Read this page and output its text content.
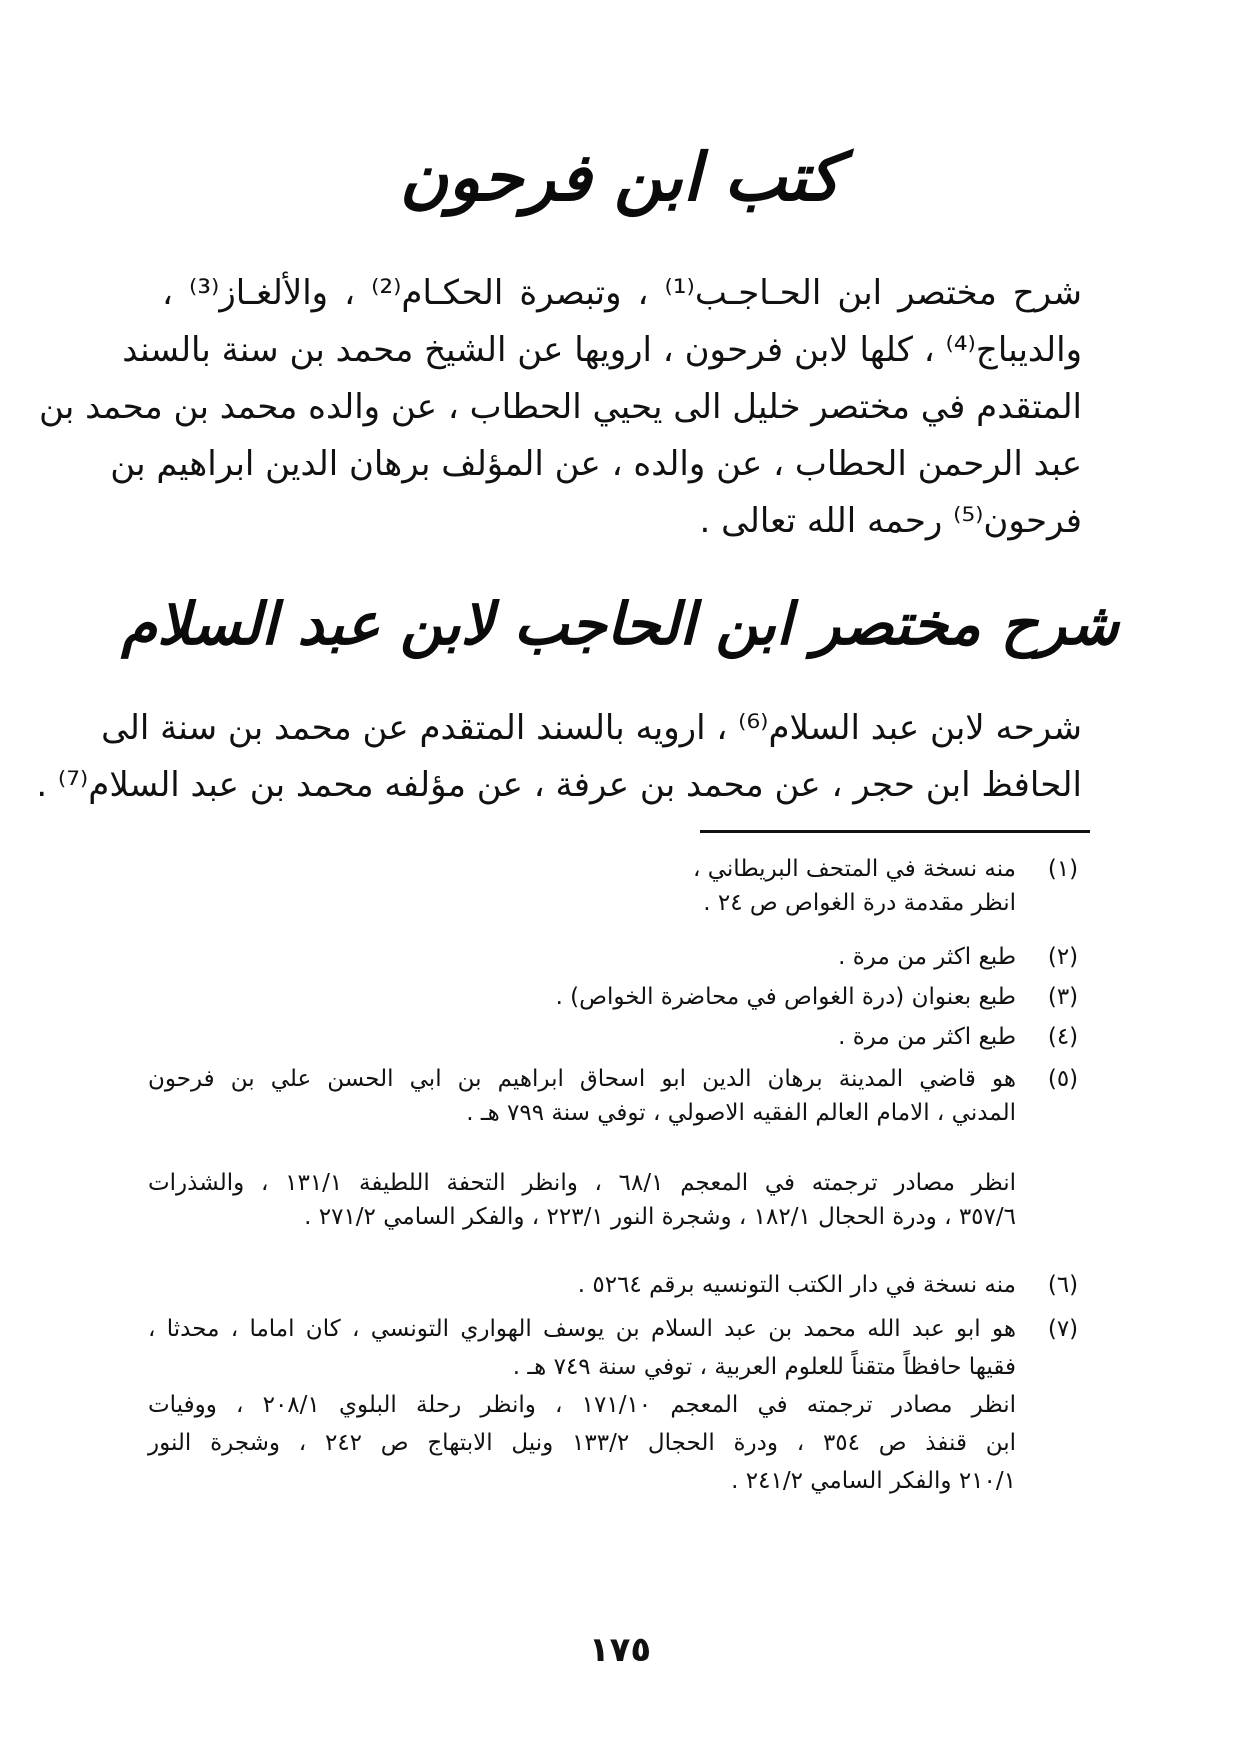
كتب ابن فرحون
شرح مختصر ابن الحـاجـب⁽¹⁾ ، وتبصرة الحكـام⁽²⁾ ، والألغـاز⁽³⁾ ،
والديباج⁽⁴⁾ ، كلها لابن فرحون ، ارويها عن الشيخ محمد بن سنة بالسند
المتقدم في مختصر خليل الى يحيي الحطاب ، عن والده محمد بن محمد بن
عبد الرحمن الحطاب ، عن والده ، عن المؤلف برهان الدين ابراهيم بن
فرحون⁽⁵⁾ رحمه الله تعالى .
شرح مختصر ابن الحاجب لابن عبد السلام
شرحه لابن عبد السلام⁽⁶⁾ ، ارويه بالسند المتقدم عن محمد بن سنة الى
الحافظ ابن حجر ، عن محمد بن عرفة ، عن مؤلفه محمد بن عبد السلام⁽⁷⁾ .
(١)
منه نسخة في المتحف البريطاني ،
انظر مقدمة درة الغواص ص ٢٤ .
(٢)
طبع اكثر من مرة .
(٣)
طبع بعنوان (درة الغواص في محاضرة الخواص) .
(٤)
طبع اكثر من مرة .
(٥)
هو قاضي المدينة برهان الدين ابو اسحاق ابراهيم بن ابي الحسن علي بن فرحون
المدني ، الامام العالم الفقيه الاصولي ، توفي سنة ٧٩٩ هـ .
انظر مصادر ترجمته في المعجم ٦٨/١ ، وانظر التحفة اللطيفة ١٣١/١ ، والشذرات
٣٥٧/٦ ، ودرة الحجال ١٨٢/١ ، وشجرة النور ٢٢٣/١ ، والفكر السامي ٢٧١/٢ .
(٦)
منه نسخة في دار الكتب التونسيه برقم ٥٢٦٤ .
(٧)
هو ابو عبد الله محمد بن عبد السلام بن يوسف الهواري التونسي ، كان اماما ، محدثا ،
فقيها حافظاً متقناً للعلوم العربية ، توفي سنة ٧٤٩ هـ .
انظر مصادر ترجمته في المعجم ١٧١/١٠ ، وانظر رحلة البلوي ٢٠٨/١ ، ووفيات
ابن قنفذ ص ٣٥٤ ، ودرة الحجال ١٣٣/٢ ونيل الابتهاج ص ٢٤٢ ، وشجرة النور
٢١٠/١ والفكر السامي ٢٤١/٢ .
١٧٥
